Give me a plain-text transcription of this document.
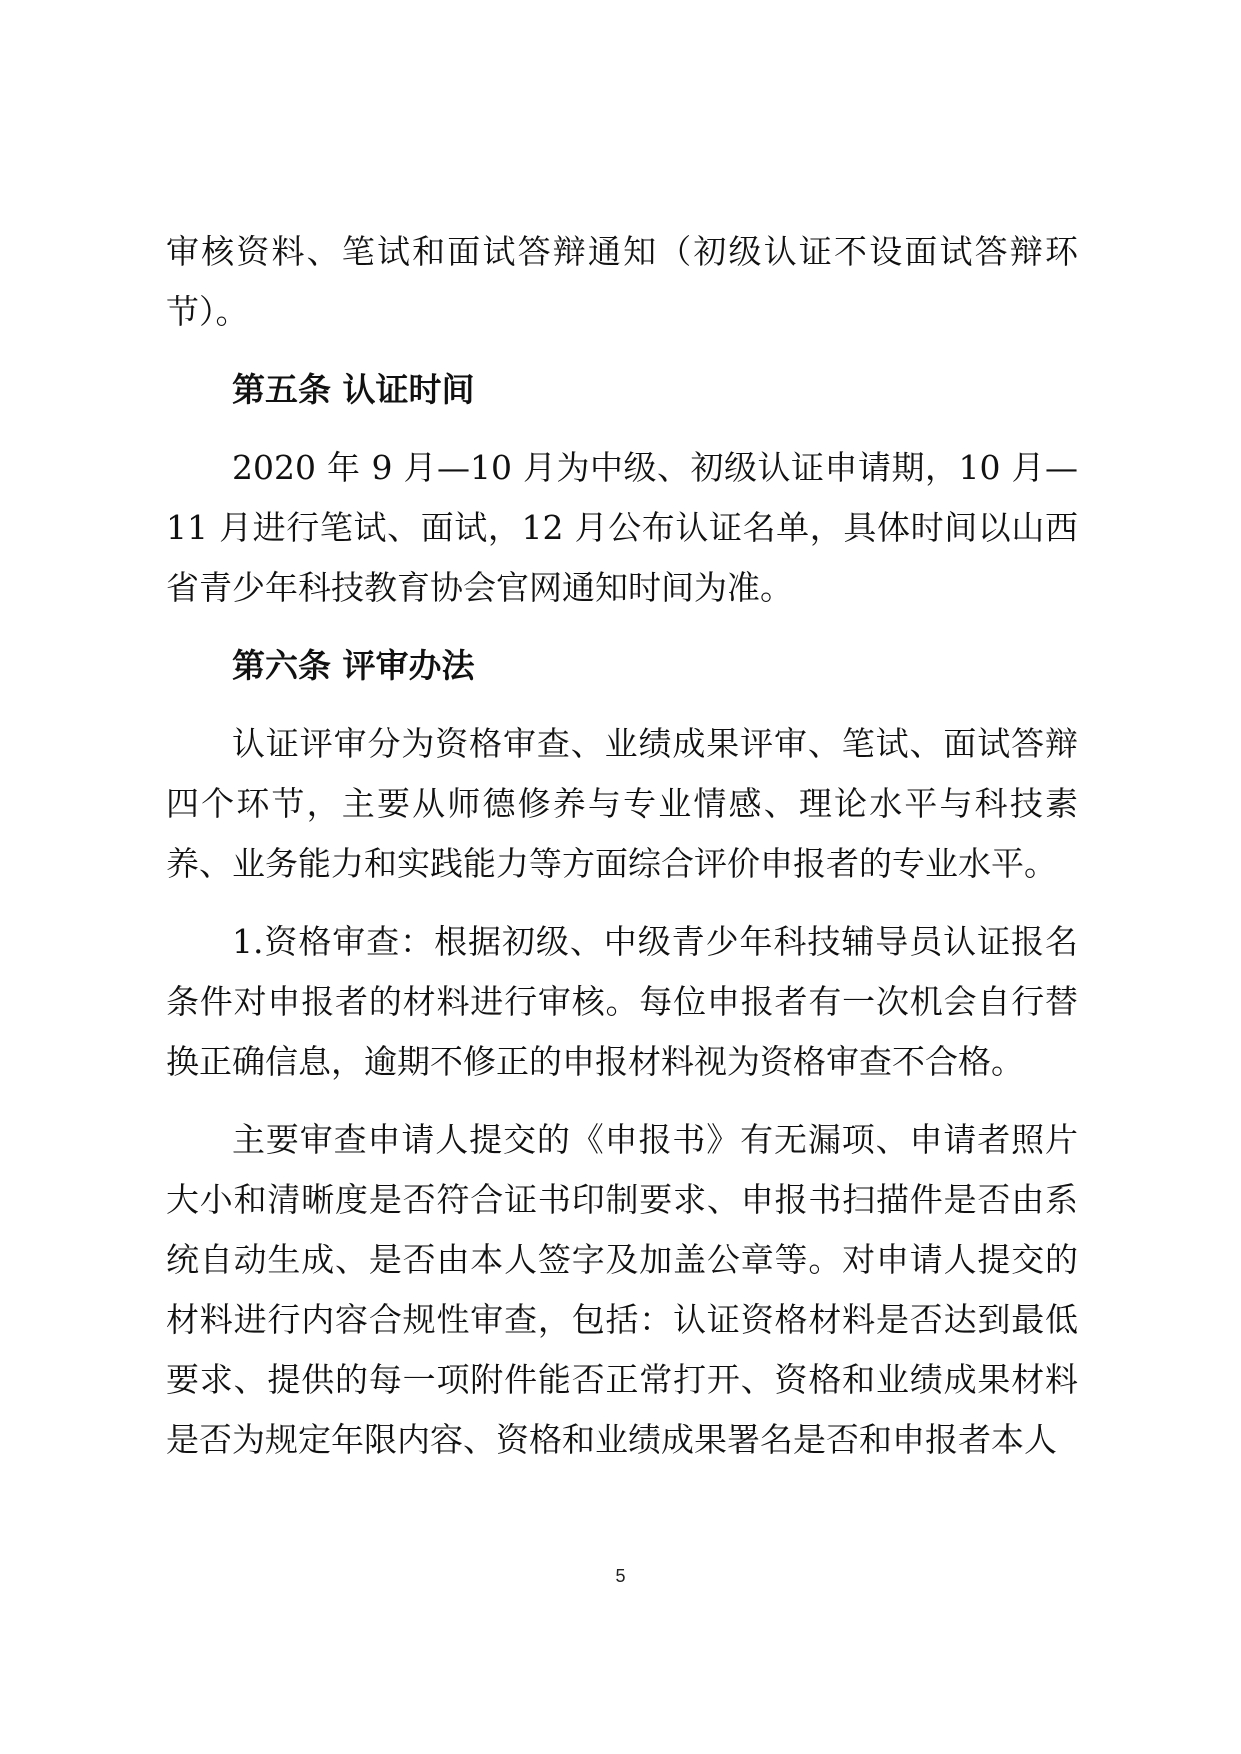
审核资料、笔试和面试答辩通知（初级认证不设面试答辩环节）。

第五条 认证时间

2020 年 9 月—10 月为中级、初级认证申请期，10 月—11 月进行笔试、面试，12 月公布认证名单，具体时间以山西省青少年科技教育协会官网通知时间为准。

第六条 评审办法

认证评审分为资格审查、业绩成果评审、笔试、面试答辩四个环节，主要从师德修养与专业情感、理论水平与科技素养、业务能力和实践能力等方面综合评价申报者的专业水平。

1.资格审查：根据初级、中级青少年科技辅导员认证报名条件对申报者的材料进行审核。每位申报者有一次机会自行替换正确信息，逾期不修正的申报材料视为资格审查不合格。

主要审查申请人提交的《申报书》有无漏项、申请者照片大小和清晰度是否符合证书印制要求、申报书扫描件是否由系统自动生成、是否由本人签字及加盖公章等。对申请人提交的材料进行内容合规性审查，包括：认证资格材料是否达到最低要求、提供的每一项附件能否正常打开、资格和业绩成果材料是否为规定年限内容、资格和业绩成果署名是否和申报者本人

5
